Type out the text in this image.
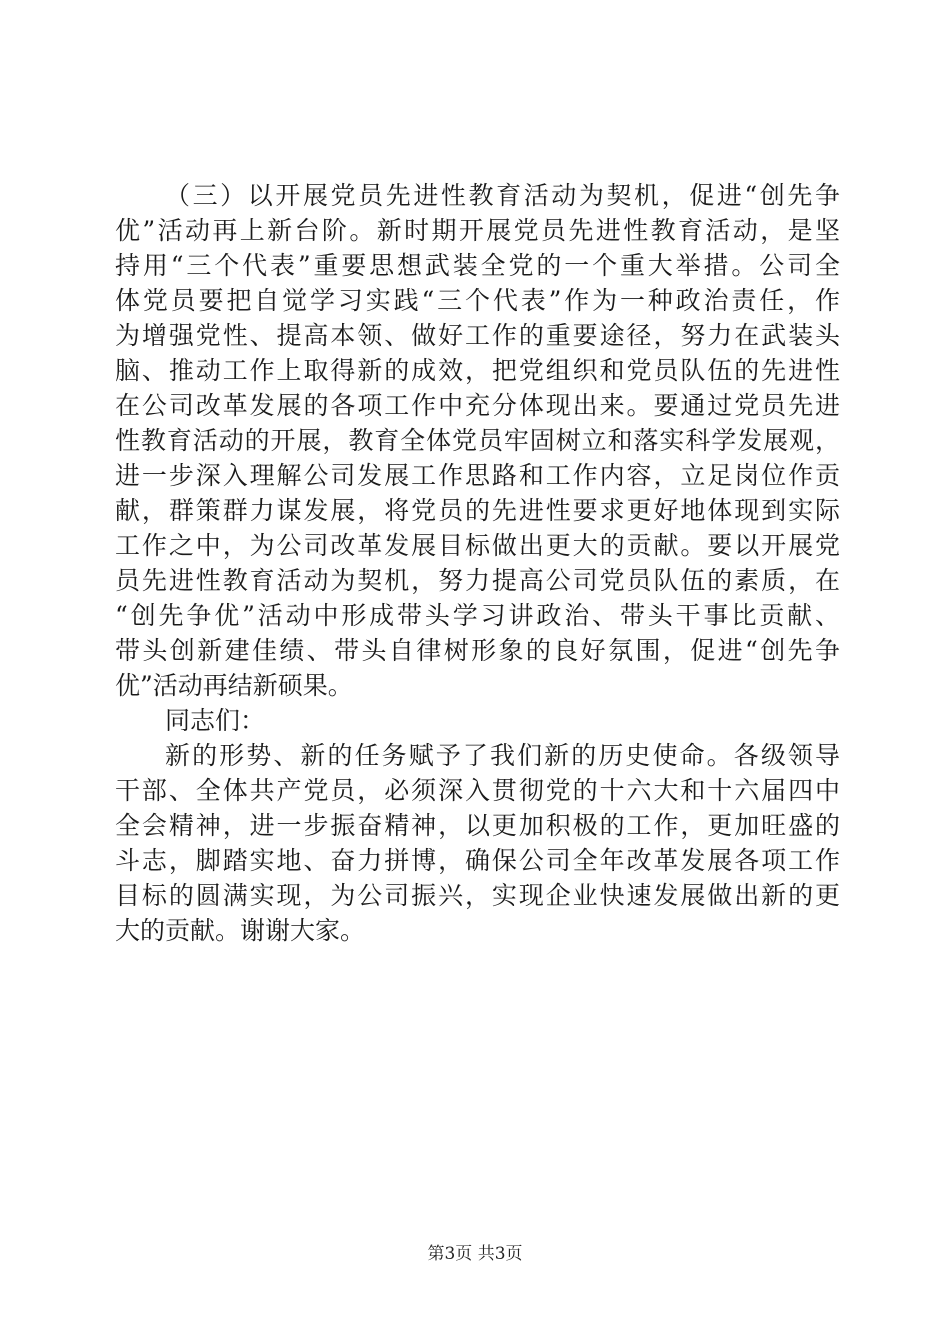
（三）以开展党员先进性教育活动为契机，促进“创先争
优”活动再上新台阶。新时期开展党员先进性教育活动，是坚
持用“三个代表”重要思想武装全党的一个重大举措。公司全
体党员要把自觉学习实践“三个代表”作为一种政治责任，作
为增强党性、提高本领、做好工作的重要途径，努力在武装头
脑、推动工作上取得新的成效，把党组织和党员队伍的先进性
在公司改革发展的各项工作中充分体现出来。要通过党员先进
性教育活动的开展，教育全体党员牢固树立和落实科学发展观，
进一步深入理解公司发展工作思路和工作内容，立足岗位作贡
献，群策群力谋发展，将党员的先进性要求更好地体现到实际
工作之中，为公司改革发展目标做出更大的贡献。要以开展党
员先进性教育活动为契机，努力提高公司党员队伍的素质，在
“创先争优”活动中形成带头学习讲政治、带头干事比贡献、
带头创新建佳绩、带头自律树形象的良好氛围，促进“创先争
优”活动再结新硕果。
同志们：
新的形势、新的任务赋予了我们新的历史使命。各级领导
干部、全体共产党员，必须深入贯彻党的十六大和十六届四中
全会精神，进一步振奋精神，以更加积极的工作，更加旺盛的
斗志，脚踏实地、奋力拼博，确保公司全年改革发展各项工作
目标的圆满实现，为公司振兴，实现企业快速发展做出新的更
大的贡献。谢谢大家。
第3页 共3页
